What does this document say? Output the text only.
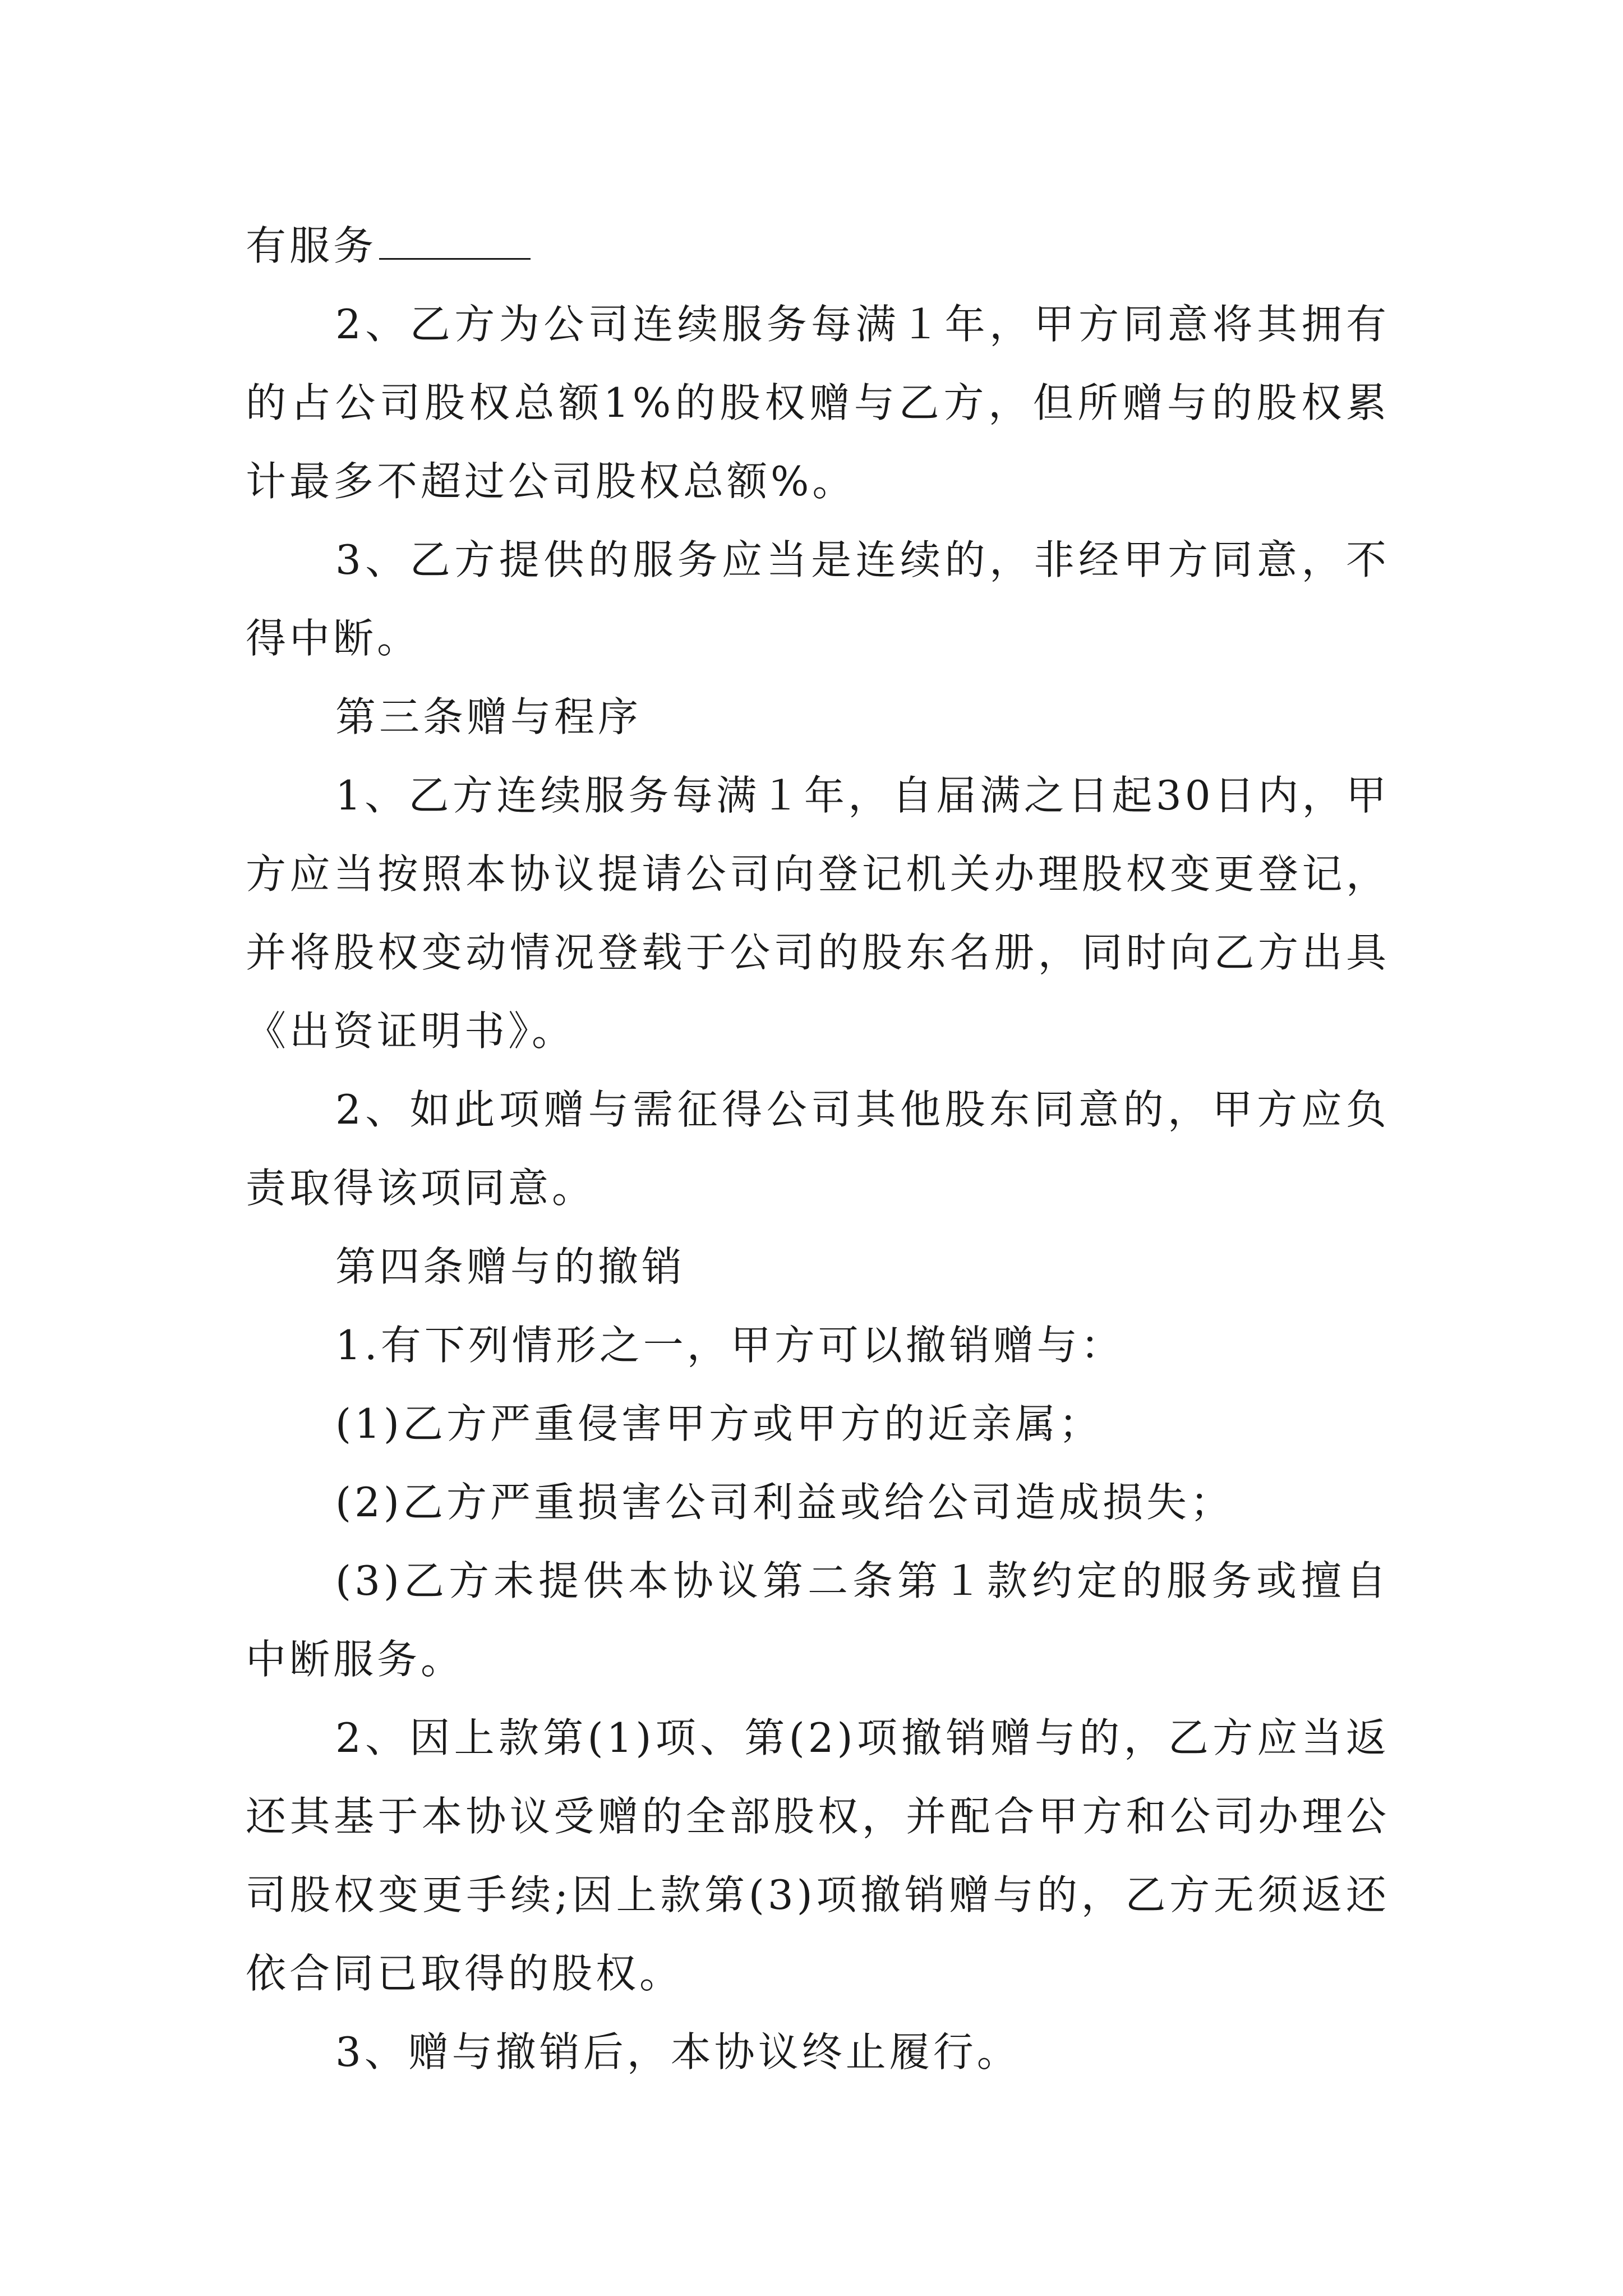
有服务

2、乙方为公司连续服务每满１年，甲方同意将其拥有的占公司股权总额1%的股权赠与乙方，但所赠与的股权累计最多不超过公司股权总额%。

3、乙方提供的服务应当是连续的，非经甲方同意，不得中断。

第三条赠与程序

1、乙方连续服务每满１年，自届满之日起30日内，甲方应当按照本协议提请公司向登记机关办理股权变更登记，并将股权变动情况登载于公司的股东名册，同时向乙方出具《出资证明书》。

2、如此项赠与需征得公司其他股东同意的，甲方应负责取得该项同意。

第四条赠与的撤销

1.有下列情形之一，甲方可以撤销赠与：

(1)乙方严重侵害甲方或甲方的近亲属；

(2)乙方严重损害公司利益或给公司造成损失；

(3)乙方未提供本协议第二条第１款约定的服务或擅自中断服务。

2、因上款第(1)项、第(2)项撤销赠与的，乙方应当返还其基于本协议受赠的全部股权，并配合甲方和公司办理公司股权变更手续;因上款第(3)项撤销赠与的，乙方无须返还依合同已取得的股权。

3、赠与撤销后，本协议终止履行。
